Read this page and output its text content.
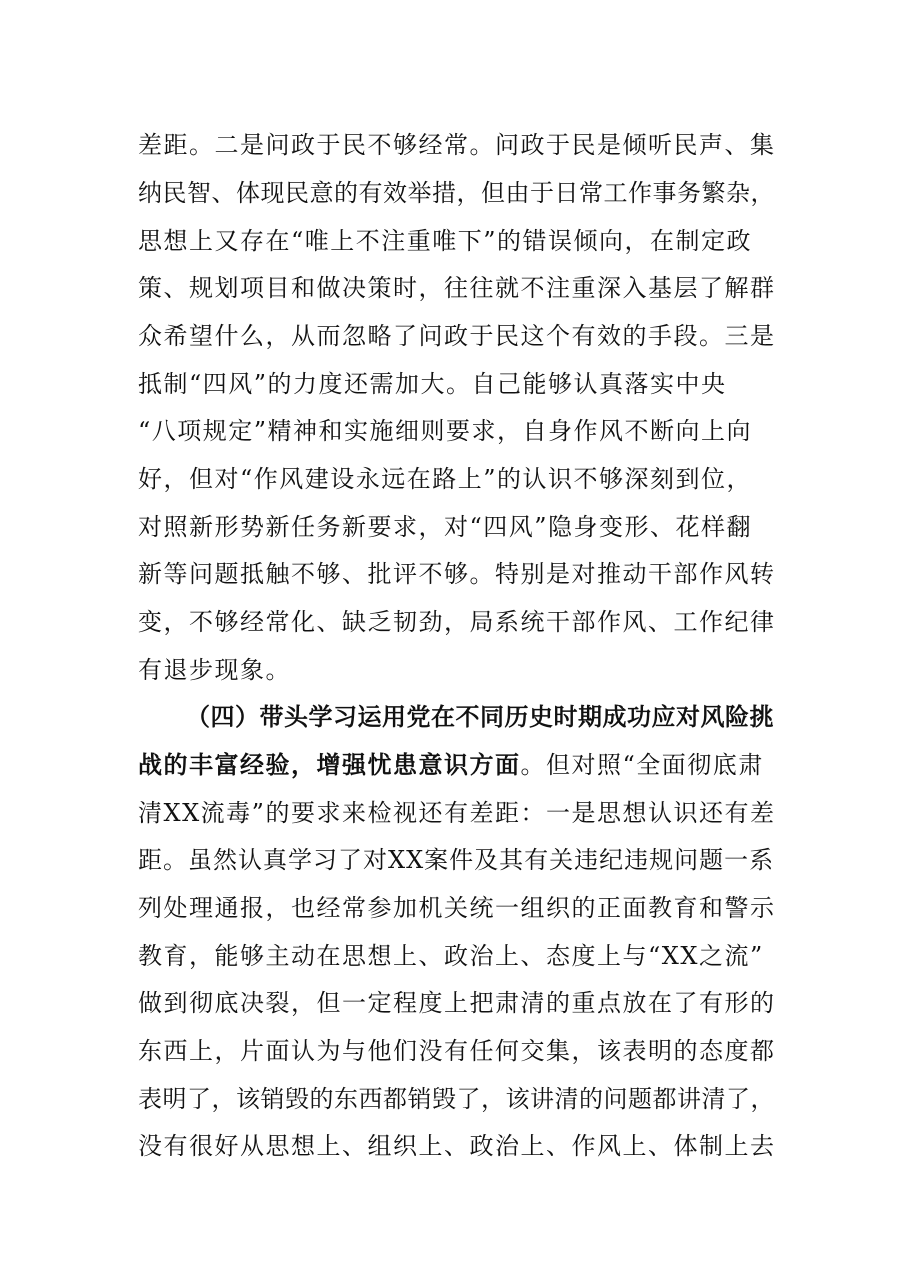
差距。二是问政于民不够经常。问政于民是倾听民声、集
纳民智、体现民意的有效举措，但由于日常工作事务繁杂，
思想上又存在“唯上不注重唯下”的错误倾向，在制定政
策、规划项目和做决策时，往往就不注重深入基层了解群
众希望什么，从而忽略了问政于民这个有效的手段。三是
抵制“四风”的力度还需加大。自己能够认真落实中央
“八项规定”精神和实施细则要求，自身作风不断向上向
好，但对“作风建设永远在路上”的认识不够深刻到位，
对照新形势新任务新要求，对“四风”隐身变形、花样翻
新等问题抵触不够、批评不够。特别是对推动干部作风转
变，不够经常化、缺乏韧劲，局系统干部作风、工作纪律
有退步现象。
（四）带头学习运用党在不同历史时期成功应对风险挑
战的丰富经验，增强忧患意识方面。但对照“全面彻底肃
清XX流毒”的要求来检视还有差距：一是思想认识还有差
距。虽然认真学习了对XX案件及其有关违纪违规问题一系
列处理通报，也经常参加机关统一组织的正面教育和警示
教育，能够主动在思想上、政治上、态度上与“XX之流”
做到彻底决裂，但一定程度上把肃清的重点放在了有形的
东西上，片面认为与他们没有任何交集，该表明的态度都
表明了，该销毁的东西都销毁了，该讲清的问题都讲清了，
没有很好从思想上、组织上、政治上、作风上、体制上去
